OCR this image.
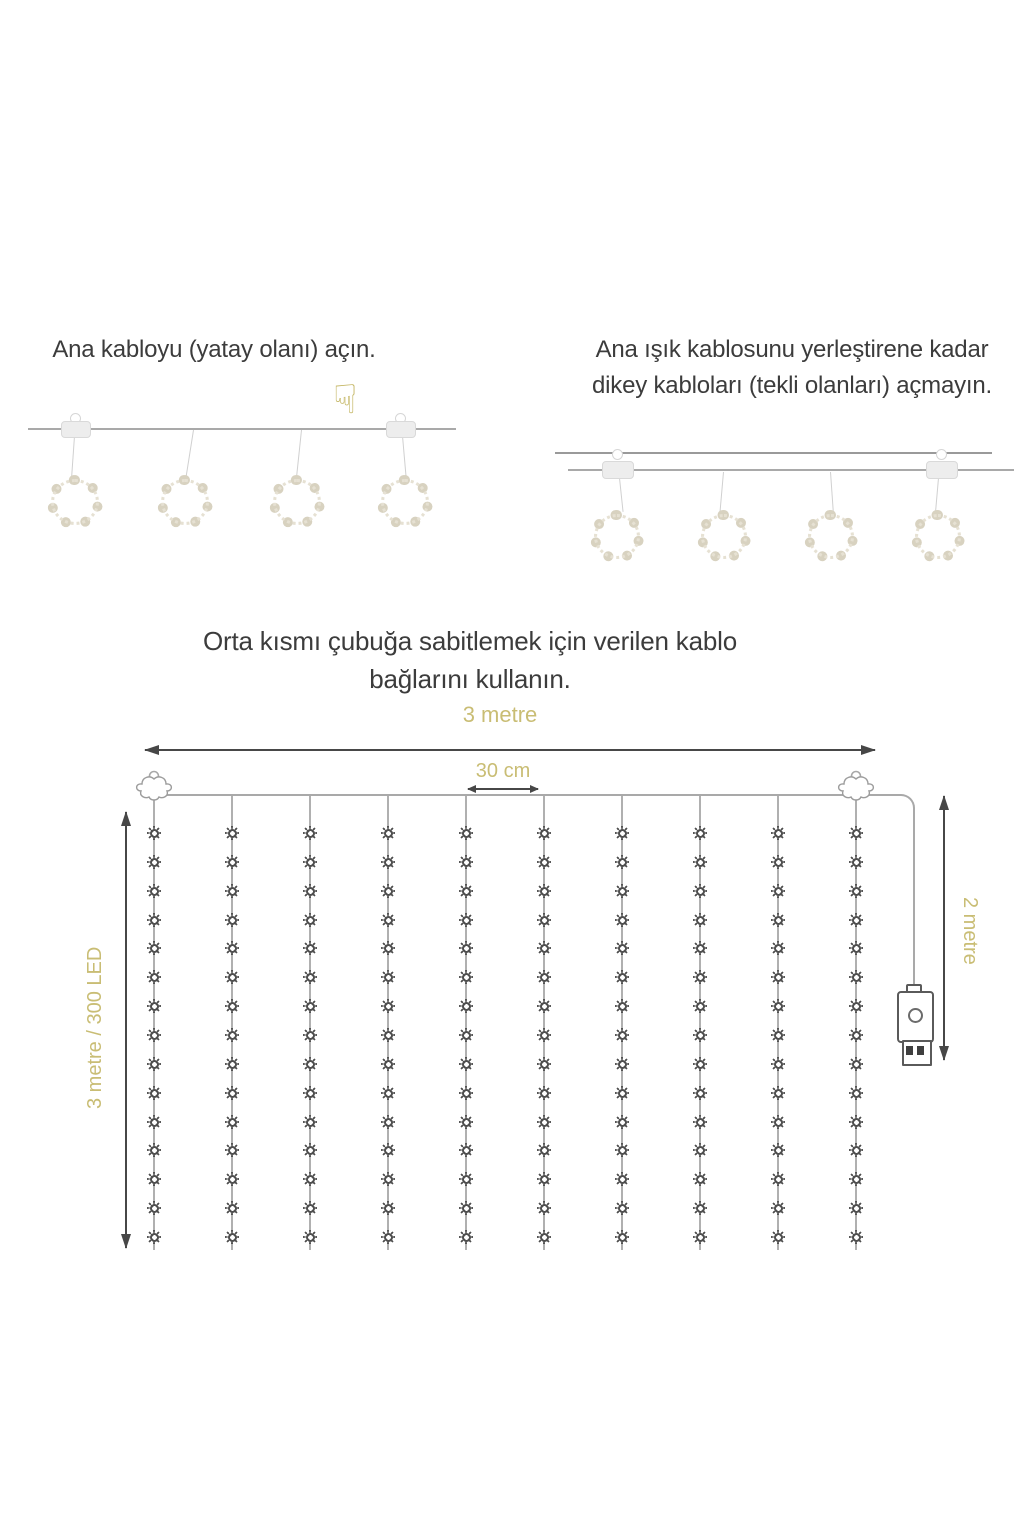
Ana kabloyu (yatay olanı) açın.
☟
Ana ışık kablosunu yerleştirene kadar
dikey kabloları (tekli olanları) açmayın.
Orta kısmı çubuğa sabitlemek için verilen kablo
bağlarını kullanın.
3 metre
30 cm
3 metre / 300 LED
2 metre
